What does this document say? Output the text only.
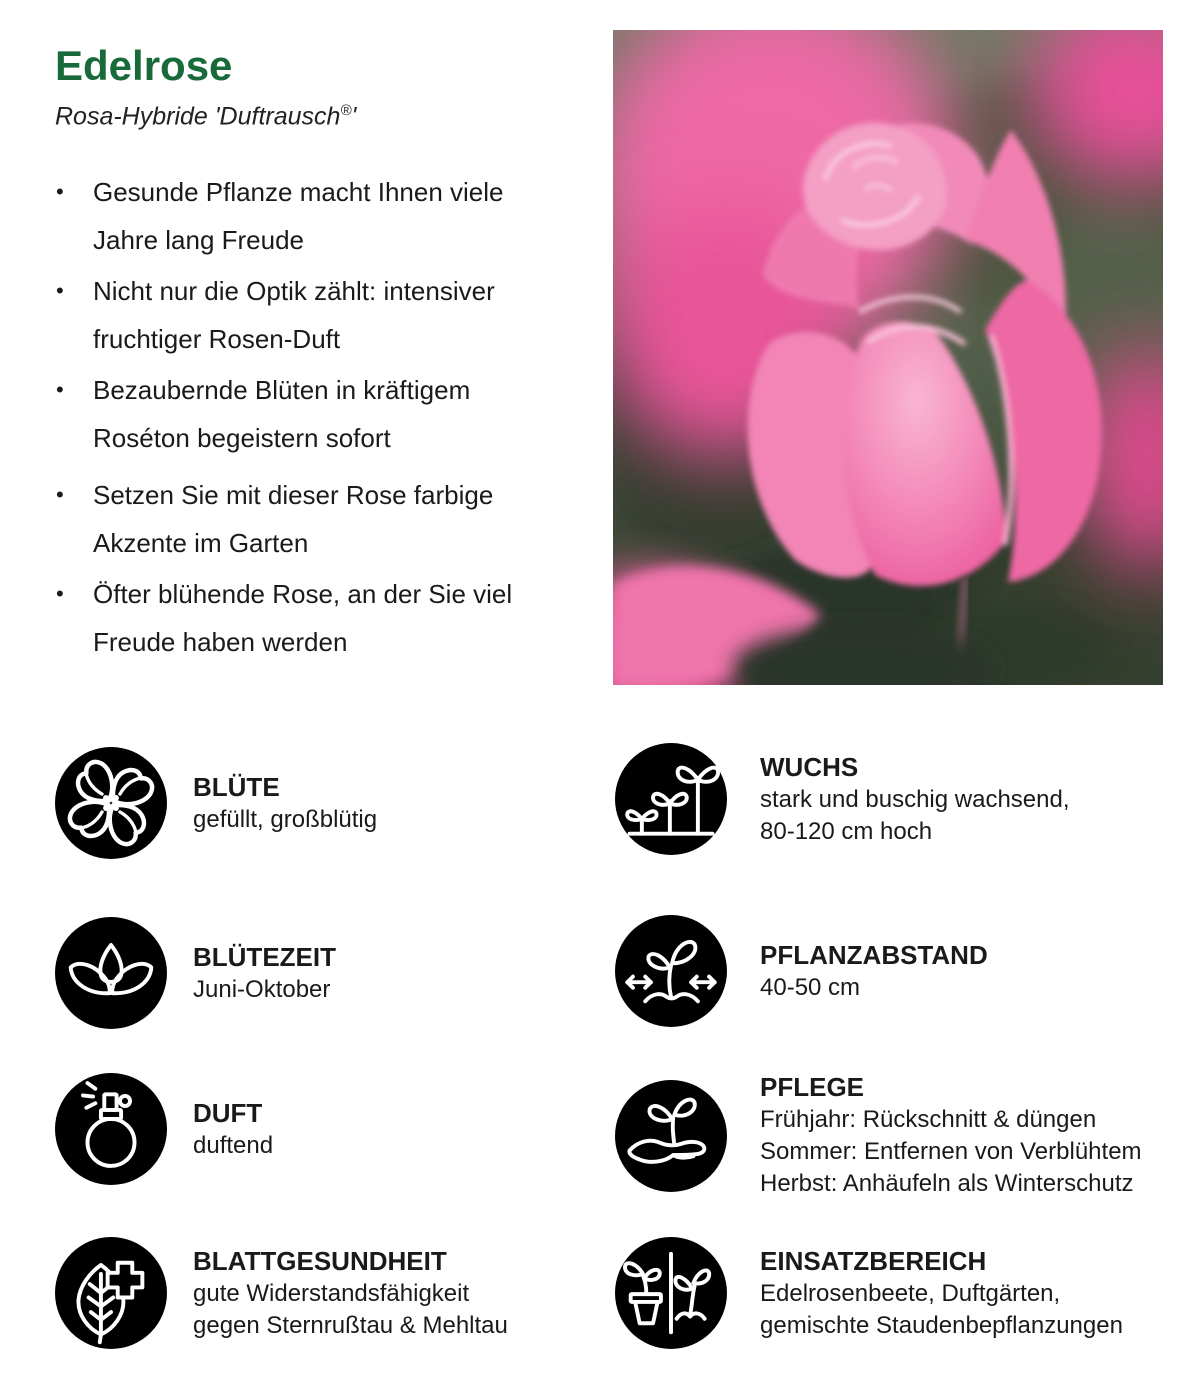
Edelrose

Rosa-Hybride 'Duftrausch®'

• Gesunde Pflanze macht Ihnen viele
Jahre lang Freude
• Nicht nur die Optik zählt: intensiver
fruchtiger Rosen-Duft
• Bezaubernde Blüten in kräftigem
Roséton begeistern sofort
• Setzen Sie mit dieser Rose farbige
Akzente im Garten
• Öfter blühende Rose, an der Sie viel
Freude haben werden
BLÜTE
gefüllt, großblütig
WUCHS
stark und buschig wachsend,
80-120 cm hoch
BLÜTEZEIT
Juni-Oktober
PFLANZABSTAND
40-50 cm
DUFT
duftend
PFLEGE
Frühjahr: Rückschnitt & düngen
Sommer: Entfernen von Verblühtem
Herbst: Anhäufeln als Winterschutz
BLATTGESUNDHEIT
gute Widerstandsfähigkeit
gegen Sternrußtau & Mehltau
EINSATZBEREICH
Edelrosenbeete, Duftgärten,
gemischte Staudenbepflanzungen
